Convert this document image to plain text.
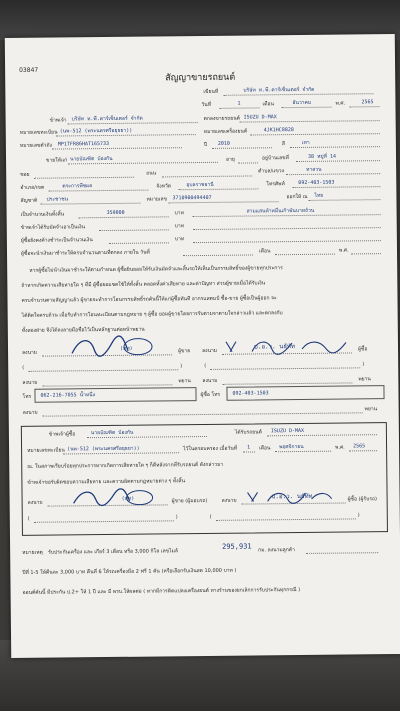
03847
สัญญาขายรถยนต์
เขียนที่	บริษัท ท.พี.คาร์เซ็นเตอร์ จำกัด
วันที่	1	เดือน	ธันวาคม	พ.ศ.	2565
ข้าพเจ้า บริษัท ท.พี.คาร์เซ็นเตอร์ จำกัด	ตกลงขายรถยนต์ ISUZU D-MAX
หมายเลขทะเบียน (นพ-512 (พระนครศรีอยุธยา))	หมายเลขเครื่องยนต์	4JK1HC8828
หมายเลขตัวถัง MP1TFR86HAT165733	ปี 2010	สี	เทา
ขายให้แก่ นายบัณฑิต บ้องกัน	อายุ	อยู่บ้านเลขที่	38 หมู่ที่ 14
ซอย	ถนน	ตำบล/แขวง	ทาสวน
อำเภอ/เขต	ตระการพืชผล	จังหวัด	อุบลราชธานี	โทรศัพท์	092-403-1503
สัญชาติ ประชาชน	หมายเลข 3710900494407	ออกให้ ณ ไทย
เป็นจำนวนเงินทั้งสิ้น	359000	บาท	สามแสนห้าหมื่นเก้าพันบาทถ้วน
ข้าพเจ้าได้รับมัดจำเอาเป็นเงิน	บาท
ผู้ซื้อยังคงค้างชำระเป็นจำนวนเงิน	บาท
ผู้ซื้อจะนำเงินมาชำระให้ครบจำนวนตามที่ตกลง ภายใน วันที่	เดือน	พ.ศ.
หากผู้ซื้อไม่นำเงินมาชำระให้ตามกำหนด ผู้ซื้อยินยอมให้รับเงินมัดจำและสิ้นรถให้เห็นเป็นกรรมสิทธิ์ของผู้ขายทุกประการ
ถ้าหากเกิดความเสียหายใด ๆ ที่มี ผู้ซื้อยอมชดใช้ให้ทั้งสิ้น ตลอดทั้งค่าเสียหาย และค่าปัญหา ส่วนผู้ขายเมื่อได้รับเงิน
ครบจำนวนตามสัญญาแล้ว ผู้ขายจะทำการโอนกรรมสิทธิ์รถคันนี้ให้แก่ผู้ซื้อทันที อากรแสตมป์ ซื้อ-ขาย ผู้ซื้อเป็นผู้ออก จะ
ได้ติดใจครบถ้วน เมื่อรับทำการโอนทะเบียนตามกฎหมาย ๆ ผู้ซื้อ ยอมผู้ขายโดยการรับตามจาตามใจกล่าวแล้ว และตกลงกับ
ทั้งสองฝ่าย จึงได้ลงลายมือชื่อไว้เป็นหลักฐานต่อหน้าพยาน
ลงนาม
(ทท)	ผู้ขาย ลงนาม
บ.อ.ว. นธัทัท	ผู้ซื้อ
(	)	(	)
ลงนาม	พยาน ลงนาม	พยาน
โทร 062-216-7055 น้ำหนึ่ง	ผู้ซื้อ โทร 092-403-1503
ลงนาม
พยาน
ข้าพเจ้าผู้ซื้อ	นายบัณฑิต บ้องกัน	ได้รับรถยนต์ ISUZU D-MAX
หมายเลขทะเบียน (นพ-512 (พระนครศรีอยุธยา))	ไว้ในครอบครอง เมื่อวันที่ 1 เดือน พฤศจิกายน	พ.ศ. 2565
ณ. ในสภาพเรียบร้อยทุกประการหากเกิดการเสียหายใด ๆ ก็ดีหลังจากที่รับรถยนต์ ดังกล่าวมา
ข้าพเจ้าขอรับผิดชอบความเสียหาย และความผิดตามกฎหมายต่าง ๆ ทั้งสิ้น
ลงนาม
(ทท)	ผู้ขาย (ผู้มอบรถ)	ลงนาม
บ.อ.ว. นธัทัท	ผู้ซื้อ (ผู้รับรถ)
(	)	(	)
หมายเหตุ รับประกันเครื่อง และ เกียร์ 3 เดือน หรือ 3,000 กิโล เลขไมล์
295,931 กม. ลงนามลูกค้า
ปีที่ 1-5 ให้คืนละ 3,000 บาท คืนที่ 6 ให้รถเครื่องมือ 2 ฟรี 1 คัน (หรือเลือกรับเงินสด 10,000 บาท )
ออนต์คันนี้ มีประกัน ป.2+ ให้ 1 ปี และ มี พรบ.ให้ผลต่อ ( หากมีการติดแปลงเครื่องยนต์ ทางร้านของยกเลิกการรับประกันทุกกรณี )
